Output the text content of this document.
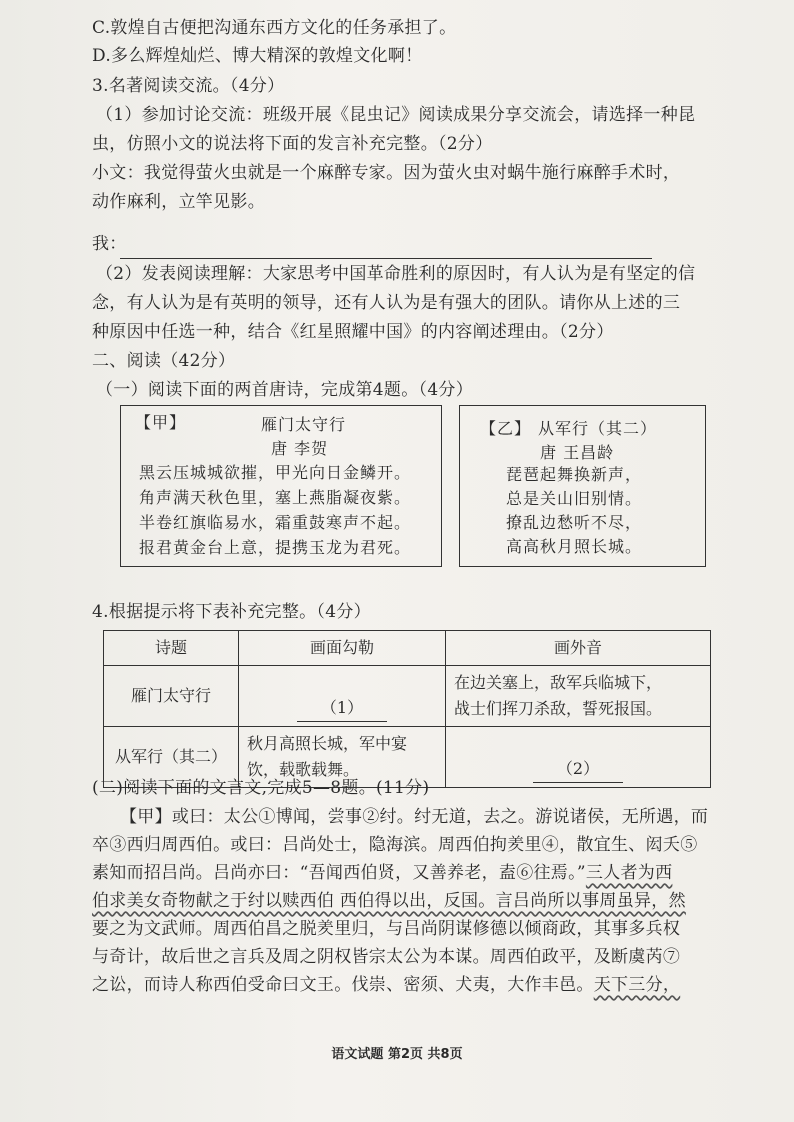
C.敦煌自古便把沟通东西方文化的任务承担了。
D.多么辉煌灿烂、博大精深的敦煌文化啊！
3.名著阅读交流。（4分）
（1）参加讨论交流：班级开展《昆虫记》阅读成果分享交流会，请选择一种昆
虫，仿照小文的说法将下面的发言补充完整。（2分）
小文：我觉得萤火虫就是一个麻醉专家。因为萤火虫对蜗牛施行麻醉手术时，
动作麻利，立竿见影。
我：
（2）发表阅读理解：大家思考中国革命胜利的原因时，有人认为是有坚定的信
念，有人认为是有英明的领导，还有人认为是有强大的团队。请你从上述的三
种原因中任选一种，结合《红星照耀中国》的内容阐述理由。（2分）
二、阅读（42分）
（一）阅读下面的两首唐诗，完成第4题。（4分）
【甲】	雁门太守行
唐 李贺
黑云压城城欲摧，甲光向日金鳞开。
角声满天秋色里，塞上燕脂凝夜紫。
半卷红旗临易水，霜重鼓寒声不起。
报君黄金台上意，提携玉龙为君死。
【乙】 从军行（其二）
唐 王昌龄
琵琶起舞换新声，
总是关山旧别情。
撩乱边愁听不尽，
高高秋月照长城。
4.根据提示将下表补充完整。（4分）
诗题	画面勾勒	画外音
雁门太守行	（1）	在边关塞上，敌军兵临城下，
战士们挥刀杀敌，誓死报国。

从军行（其二）	秋月高照长城，军中宴
饮，载歌载舞。	（2）
(二)阅读下面的文言文,完成5—8题。(11分)
【甲】或曰：太公①博闻，尝事②纣。纣无道，去之。游说诸侯，无所遇，而
卒③西归周西伯。或曰：吕尚处士，隐海滨。周西伯拘羑里④，散宜生、闳夭⑤
素知而招吕尚。吕尚亦曰：“吾闻西伯贤，又善养老，盍⑥往焉。”三人者为西
伯求美女奇物献之于纣以赎西伯 西伯得以出，反国。言吕尚所以事周虽异，然
要之为文武师。周西伯昌之脱羑里归，与吕尚阴谋修德以倾商政，其事多兵权
与奇计，故后世之言兵及周之阴权皆宗太公为本谋。周西伯政平，及断虞芮⑦
之讼，而诗人称西伯受命曰文王。伐崇、密须、犬夷，大作丰邑。天下三分，
语文试题 第2页 共8页
